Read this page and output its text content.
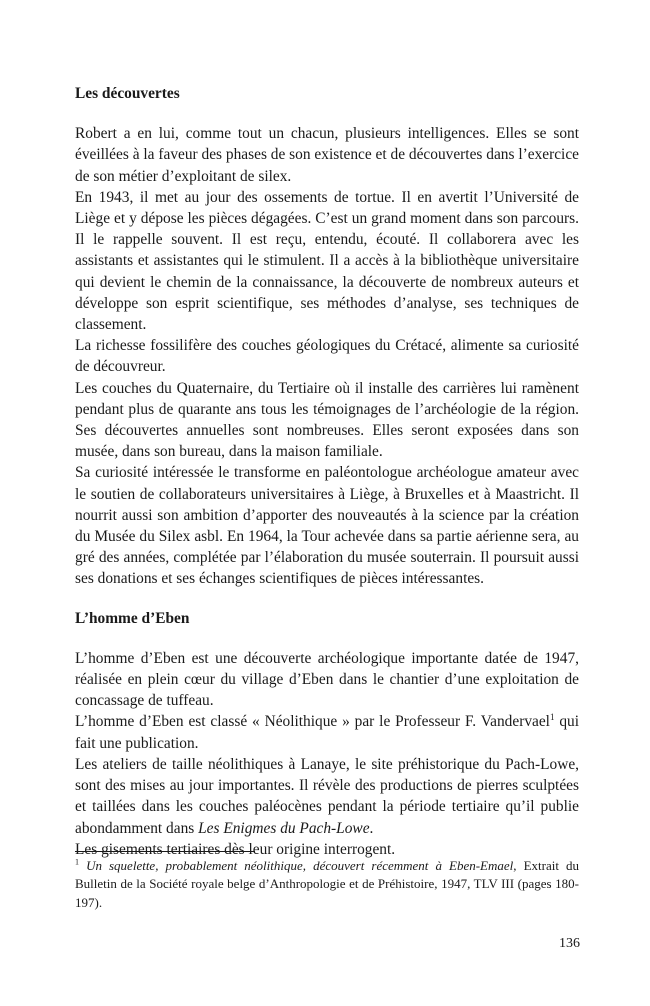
Les découvertes

Robert a en lui, comme tout un chacun, plusieurs intelligences. Elles se sont éveillées à la faveur des phases de son existence et de découvertes dans l’exercice de son métier d’exploitant de silex.

En 1943, il met au jour des ossements de tortue. Il en avertit l’Université de Liège et y dépose les pièces dégagées. C’est un grand moment dans son parcours. Il le rappelle souvent. Il est reçu, entendu, écouté. Il collaborera avec les assistants et assistantes qui le stimulent. Il a accès à la bibliothèque universitaire qui devient le chemin de la connaissance, la découverte de nombreux auteurs et développe son esprit scientifique, ses méthodes d’analyse, ses techniques de classement.

La richesse fossilifère des couches géologiques du Crétacé, alimente sa curiosité de découvreur.

Les couches du Quaternaire, du Tertiaire où il installe des carrières lui ramènent pendant plus de quarante ans tous les témoignages de l’archéologie de la région. Ses découvertes annuelles sont nombreuses. Elles seront exposées dans son musée, dans son bureau, dans la maison familiale.

Sa curiosité intéressée le transforme en paléontologue archéologue amateur avec le soutien de collaborateurs universitaires à Liège, à Bruxelles et à Maastricht. Il nourrit aussi son ambition d’apporter des nouveautés à la science par la création du Musée du Silex asbl. En 1964, la Tour achevée dans sa partie aérienne sera, au gré des années, complétée par l’élaboration du musée souterrain. Il poursuit aussi ses donations et ses échanges scientifiques de pièces intéressantes.

L’homme d’Eben

L’homme d’Eben est une découverte archéologique importante datée de 1947, réalisée en plein cœur du village d’Eben dans le chantier d’une exploitation de concassage de tuffeau.

L’homme d’Eben est classé « Néolithique » par le Professeur F. Vandervael$^1$ qui fait une publication.

Les ateliers de taille néolithiques à Lanaye, le site préhistorique du Pach-Lowe, sont des mises au jour importantes. Il révèle des productions de pierres sculptées et taillées dans les couches paléocènes pendant la période tertiaire qu’il publie abondamment dans Les Enigmes du Pach-Lowe.

Les gisements tertiaires dès leur origine interrogent.

$^1$ Un squelette, probablement néolithique, découvert récemment à Eben-Emael, Extrait du Bulletin de la Société royale belge d’Anthropologie et de Préhistoire, 1947, TLV III (pages 180-197).
136
